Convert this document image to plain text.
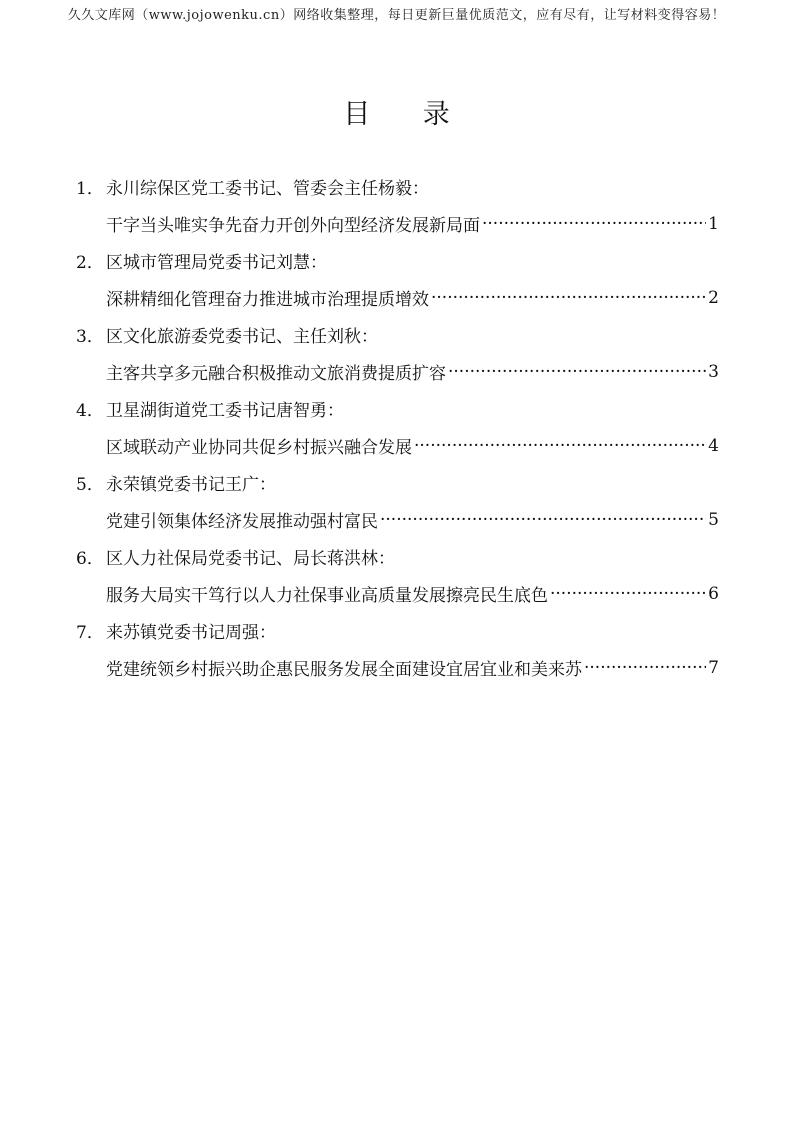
久久文库网（www.jojowenku.cn）网络收集整理，每日更新巨量优质范文，应有尽有，让写材料变得容易！
目 录
1． 永川综保区党工委书记、管委会主任杨毅：
干字当头唯实争先奋力开创外向型经济发展新局面 ·····	1
2． 区城市管理局党委书记刘慧：
深耕精细化管理奋力推进城市治理提质增效 ·····	2
3． 区文化旅游委党委书记、主任刘秋：
主客共享多元融合积极推动文旅消费提质扩容 ·····	3
4． 卫星湖街道党工委书记唐智勇：
区域联动产业协同共促乡村振兴融合发展 ·····	4
5． 永荣镇党委书记王广：
党建引领集体经济发展推动强村富民 ·····	5
6． 区人力社保局党委书记、局长蒋洪林：
服务大局实干笃行以人力社保事业高质量发展擦亮民生底色 ·····	6
7． 来苏镇党委书记周强：
党建统领乡村振兴助企惠民服务发展全面建设宜居宜业和美来苏 ·····	7
